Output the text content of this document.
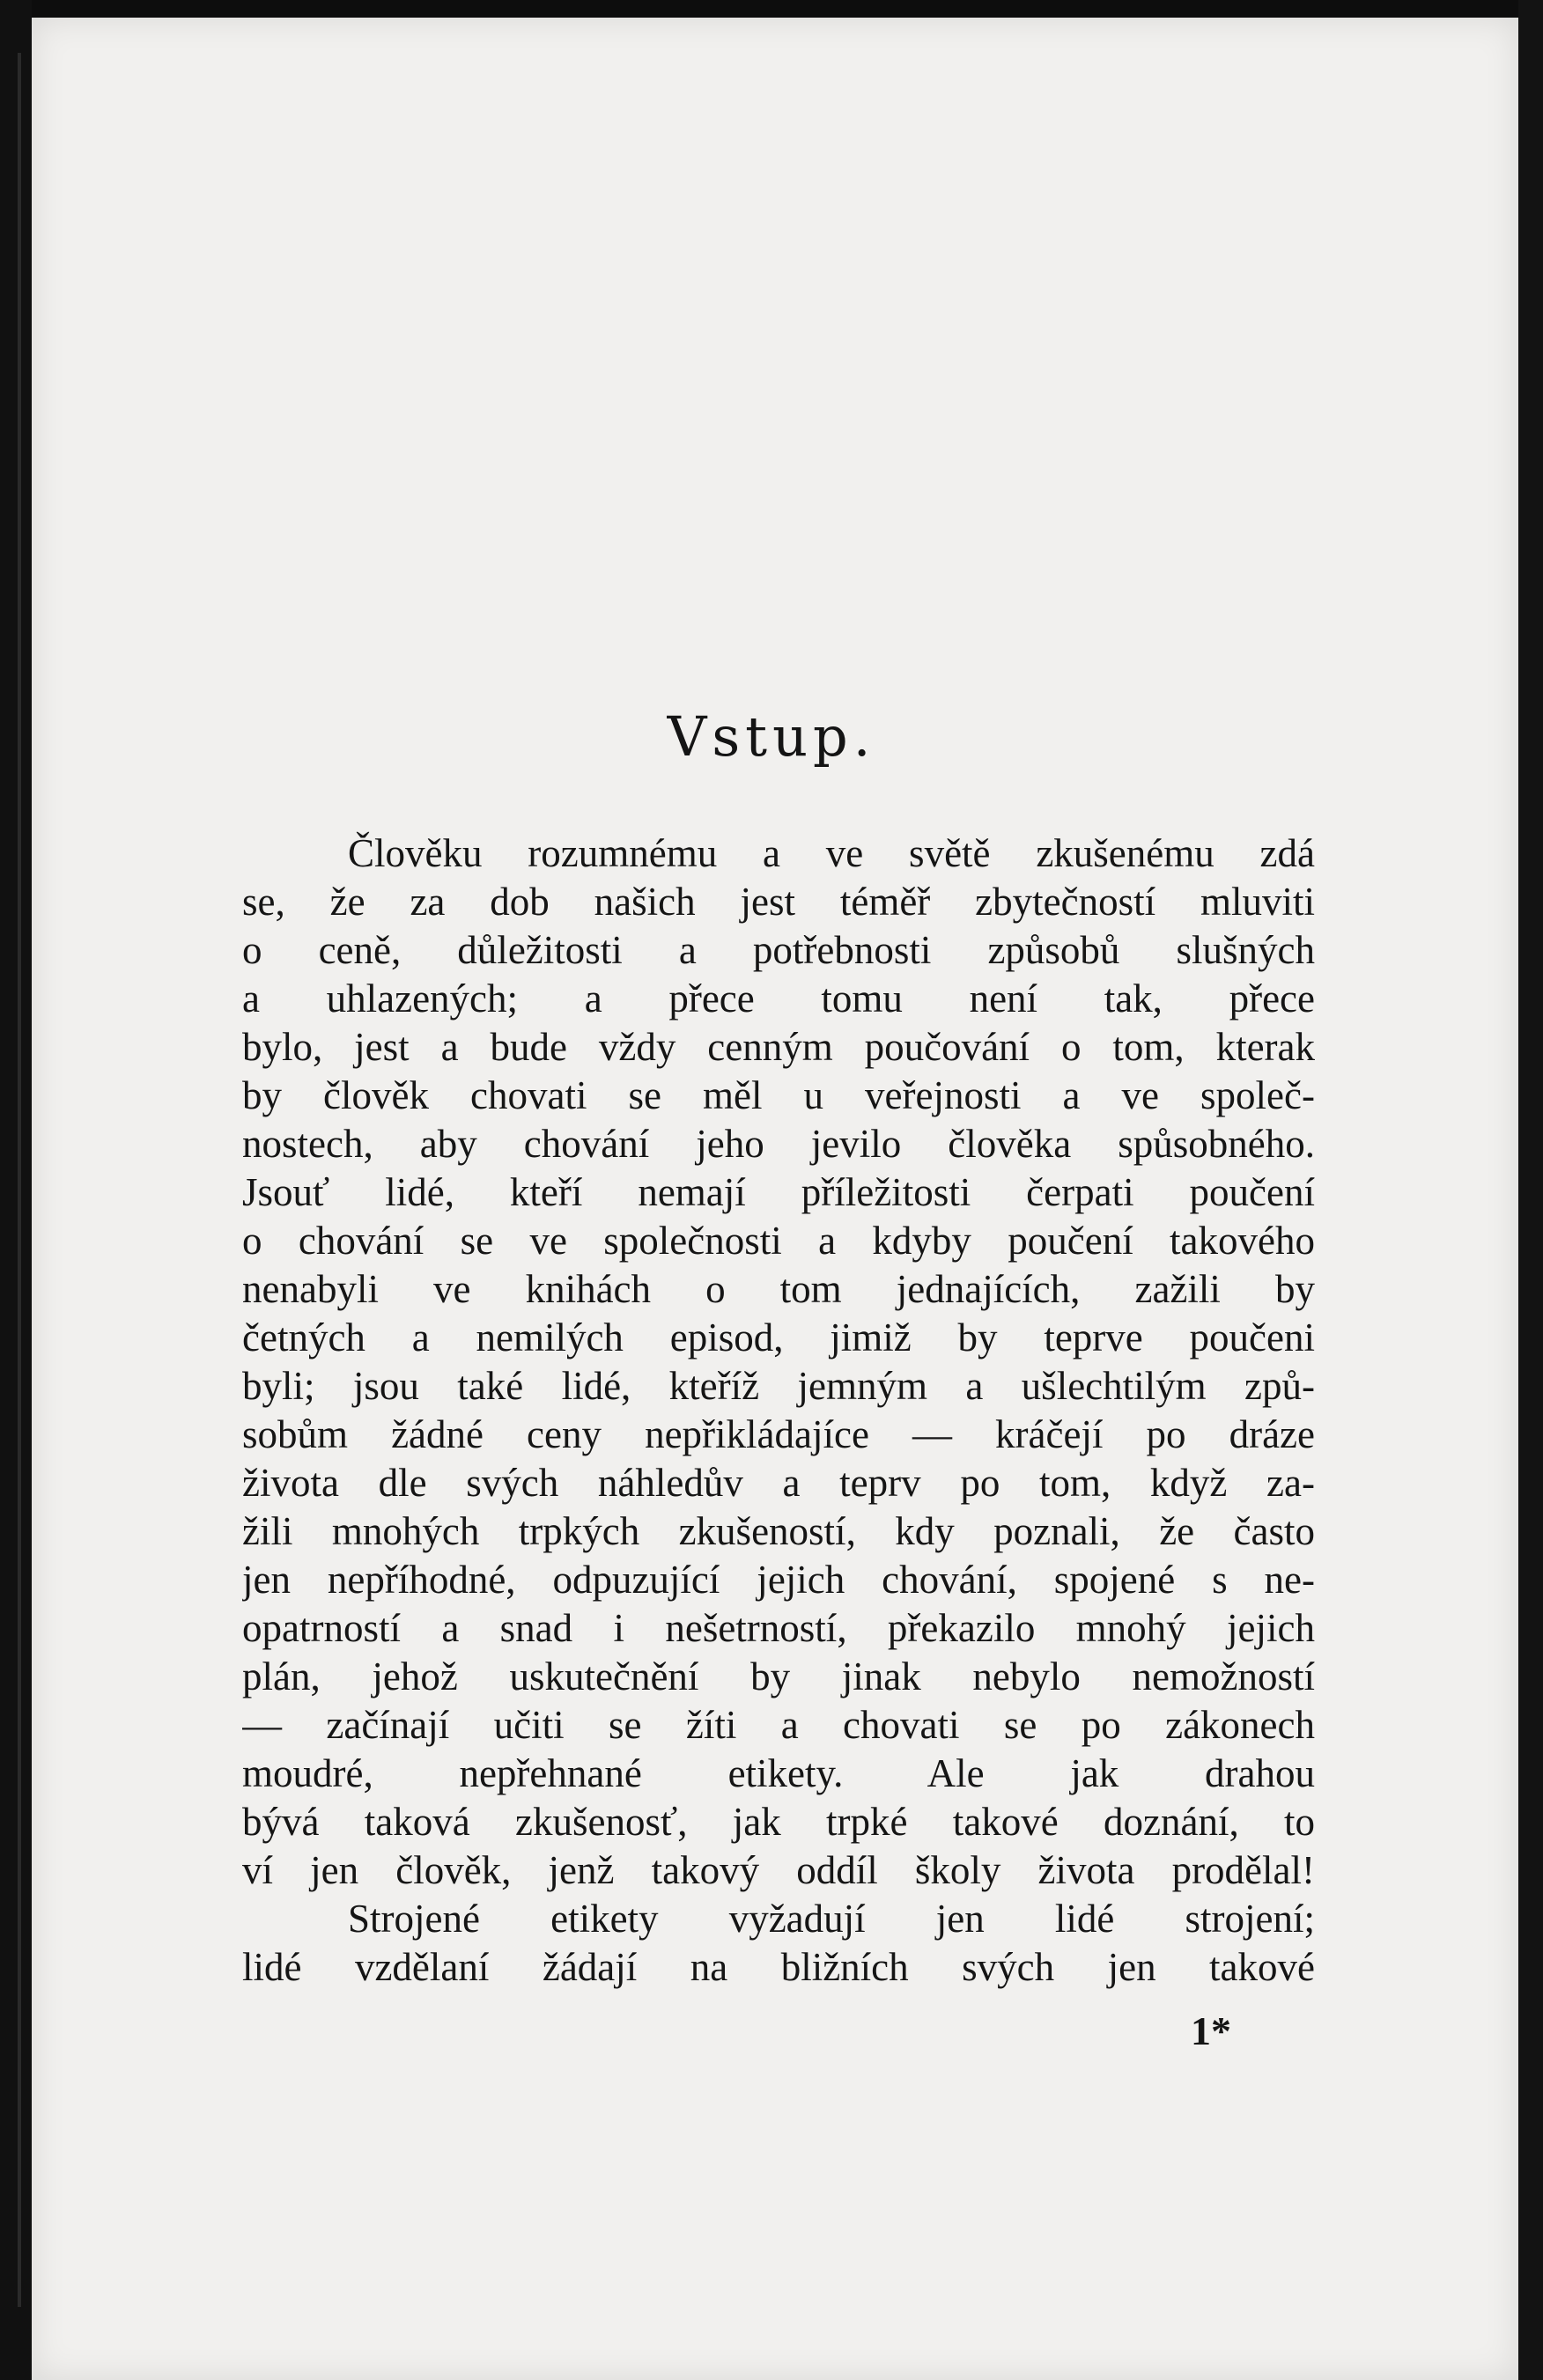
Vstup.
Člověku rozumnému a ve světě zkušenému zdá
se, že za dob našich jest téměř zbytečností mluviti
o ceně, důležitosti a potřebnosti způsobů slušných
a uhlazených; a přece tomu není tak, přece
bylo, jest a bude vždy cenným poučování o tom, kterak
by člověk chovati se měl u veřejnosti a ve společ-
nostech, aby chování jeho jevilo člověka spůsobného.
Jsouť lidé, kteří nemají příležitosti čerpati poučení
o chování se ve společnosti a kdyby poučení takového
nenabyli ve knihách o tom jednajících, zažili by
četných a nemilých episod, jimiž by teprve poučeni
byli; jsou také lidé, kteříž jemným a ušlechtilým způ-
sobům žádné ceny nepřikládajíce — kráčejí po dráze
života dle svých náhledův a teprv po tom, když za-
žili mnohých trpkých zkušeností, kdy poznali, že často
jen nepříhodné, odpuzující jejich chování, spojené s ne-
opatrností a snad i nešetrností, překazilo mnohý jejich
plán, jehož uskutečnění by jinak nebylo nemožností
— začínají učiti se žíti a chovati se po zákonech
moudré, nepřehnané etikety. Ale jak drahou
bývá taková zkušenosť, jak trpké takové doznání, to
ví jen člověk, jenž takový oddíl školy života prodělal!
Strojené etikety vyžadují jen lidé strojení;
lidé vzdělaní žádají na bližních svých jen takové
1*
